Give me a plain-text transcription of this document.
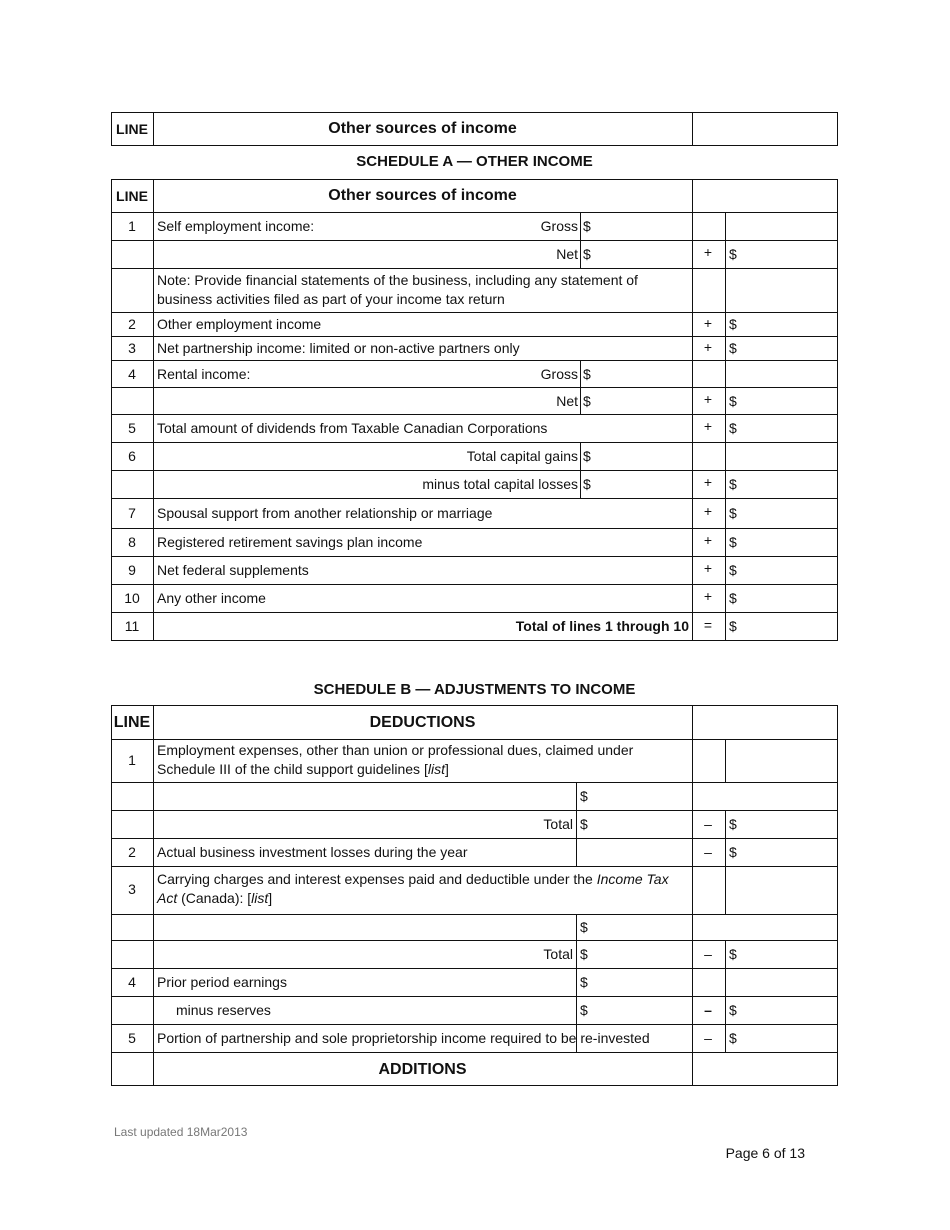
LINE	Other sources of income
SCHEDULE A — OTHER INCOME
LINE	Other sources of income
1	Self employment income:	Gross $
Net $	+	$
Note: Provide financial statements of the business, including any statement of
business activities filed as part of your income tax return
2	Other employment income	+	$
3	Net partnership income: limited or non-active partners only	+	$
4	Rental income:	Gross $
Net $	+	$
5	Total amount of dividends from Taxable Canadian Corporations	+	$
6	Total capital gains $
minus total capital losses $	+	$
7	Spousal support from another relationship or marriage	+	$
8	Registered retirement savings plan income	+	$
9	Net federal supplements	+	$
10	Any other income	+	$
11	Total of lines 1 through 10	=	$
SCHEDULE B — ADJUSTMENTS TO INCOME
LINE	DEDUCTIONS
1
Employment expenses, other than union or professional dues, claimed under
Schedule III of the child support guidelines [list]
$
Total $	–	$
2	Actual business investment losses during the year	–	$
3
Carrying charges and interest expenses paid and deductible under the Income Tax
Act (Canada): [list]
$
Total $	–	$
4	Prior period earnings	$
minus reserves	$	–	$
5	Portion of partnership and sole proprietorship income required to be re-invested	–	$
ADDITIONS
Last updated 18Mar2013
Page 6 of 13
